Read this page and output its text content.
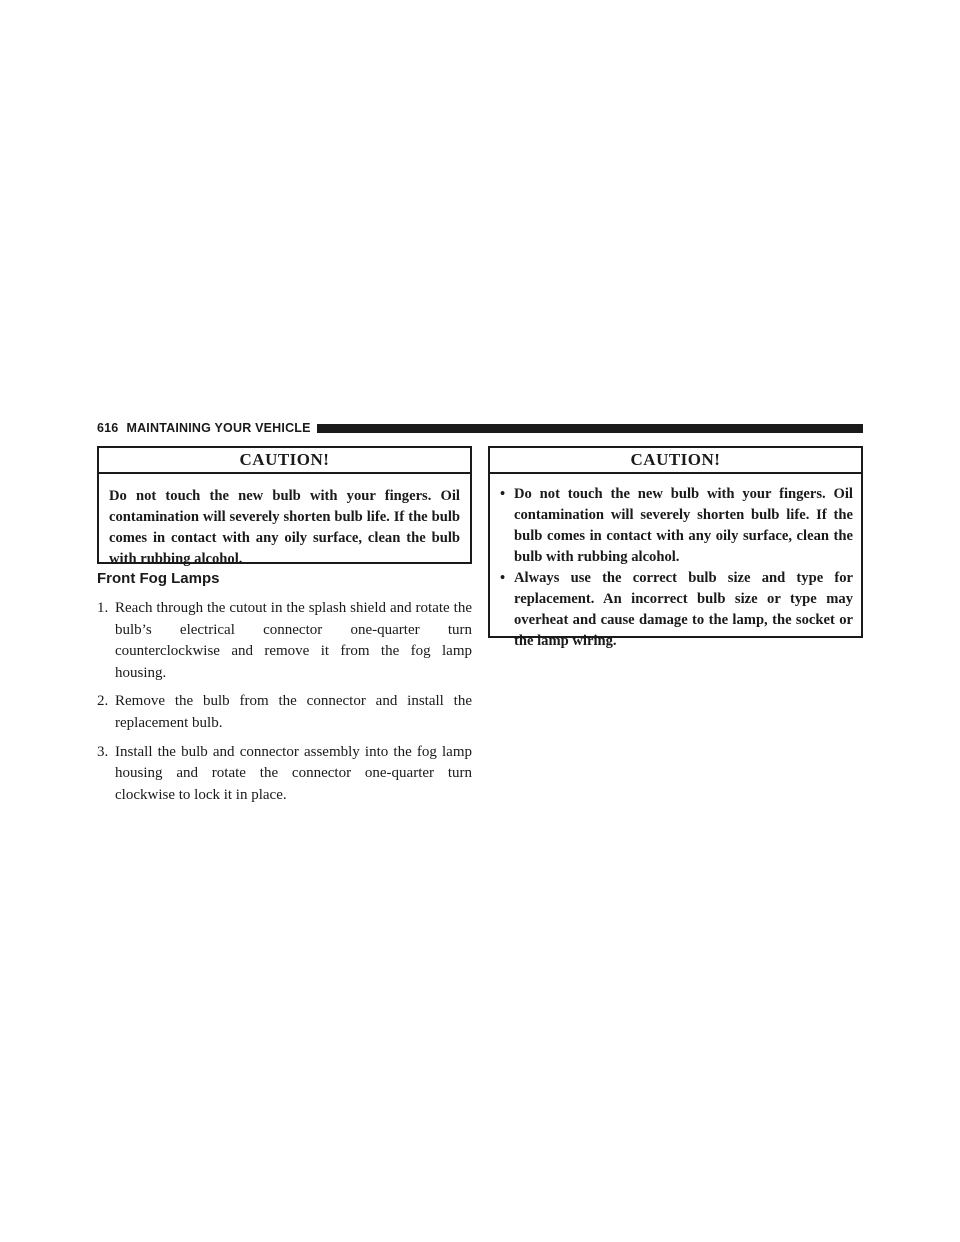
616 MAINTAINING YOUR VEHICLE
CAUTION!
Do not touch the new bulb with your fingers. Oil contamination will severely shorten bulb life. If the bulb comes in contact with any oily surface, clean the bulb with rubbing alcohol.
Front Fog Lamps
1. Reach through the cutout in the splash shield and rotate the bulb’s electrical connector one-quarter turn counterclockwise and remove it from the fog lamp housing.
2. Remove the bulb from the connector and install the replacement bulb.
3. Install the bulb and connector assembly into the fog lamp housing and rotate the connector one-quarter turn clockwise to lock it in place.
CAUTION!
• Do not touch the new bulb with your fingers. Oil contamination will severely shorten bulb life. If the bulb comes in contact with any oily surface, clean the bulb with rubbing alcohol.
• Always use the correct bulb size and type for replacement. An incorrect bulb size or type may overheat and cause damage to the lamp, the socket or the lamp wiring.
